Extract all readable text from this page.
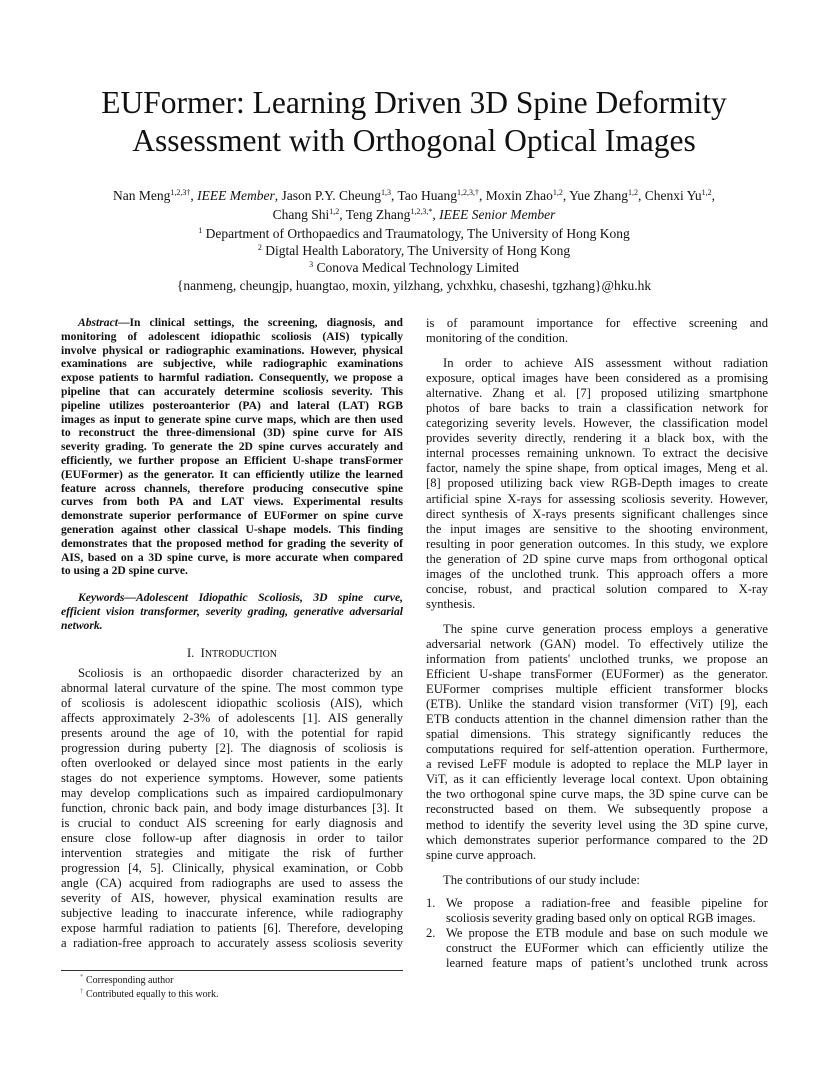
EUFormer: Learning Driven 3D Spine Deformity
Assessment with Orthogonal Optical Images
Nan Meng$^{1,2,3\dagger}$, IEEE Member, Jason P.Y. Cheung$^{1,3}$, Tao Huang$^{1,2,3,\dagger}$, Moxin Zhao$^{1,2}$, Yue Zhang$^{1,2}$, Chenxi Yu$^{1,2}$,
Chang Shi$^{1,2}$, Teng Zhang$^{1,2,3,*}$, IEEE Senior Member
$^1$ Department of Orthopaedics and Traumatology, The University of Hong Kong
$^2$ Digtal Health Laboratory, The University of Hong Kong
$^3$ Conova Medical Technology Limited
{nanmeng, cheungjp, huangtao, moxin, yilzhang, ychxhku, chaseshi, tgzhang}@hku.hk
Abstract—In clinical settings, the screening, diagnosis, and
monitoring of adolescent idiopathic scoliosis (AIS) typically
involve physical or radiographic examinations. However, physical
examinations are subjective, while radiographic examinations
expose patients to harmful radiation. Consequently, we propose a
pipeline that can accurately determine scoliosis severity. This
pipeline utilizes posteroanterior (PA) and lateral (LAT) RGB
images as input to generate spine curve maps, which are then used
to reconstruct the three-dimensional (3D) spine curve for AIS
severity grading. To generate the 2D spine curves accurately and
efficiently, we further propose an Efficient U-shape transFormer
(EUFormer) as the generator. It can efficiently utilize the learned
feature across channels, therefore producing consecutive spine
curves from both PA and LAT views. Experimental results
demonstrate superior performance of EUFormer on spine curve
generation against other classical U-shape models. This finding
demonstrates that the proposed method for grading the severity of
AIS, based on a 3D spine curve, is more accurate when compared
to using a 2D spine curve.
Keywords—Adolescent Idiopathic Scoliosis, 3D spine curve,
efficient vision transformer, severity grading, generative adversarial
network.
I. INTRODUCTION
Scoliosis is an orthopaedic disorder characterized by an
abnormal lateral curvature of the spine. The most common type
of scoliosis is adolescent idiopathic scoliosis (AIS), which
affects approximately 2-3% of adolescents [1]. AIS generally
presents around the age of 10, with the potential for rapid
progression during puberty [2]. The diagnosis of scoliosis is
often overlooked or delayed since most patients in the early
stages do not experience symptoms. However, some patients
may develop complications such as impaired cardiopulmonary
function, chronic back pain, and body image disturbances [3]. It
is crucial to conduct AIS screening for early diagnosis and
ensure close follow-up after diagnosis in order to tailor
intervention strategies and mitigate the risk of further
progression [4, 5]. Clinically, physical examination, or Cobb
angle (CA) acquired from radiographs are used to assess the
severity of AIS, however, physical examination results are
subjective leading to inaccurate inference, while radiography
expose harmful radiation to patients [6]. Therefore, developing
a radiation-free approach to accurately assess scoliosis severity
is of paramount importance for effective screening and
monitoring of the condition.
In order to achieve AIS assessment without radiation
exposure, optical images have been considered as a promising
alternative. Zhang et al. [7] proposed utilizing smartphone
photos of bare backs to train a classification network for
categorizing severity levels. However, the classification model
provides severity directly, rendering it a black box, with the
internal processes remaining unknown. To extract the decisive
factor, namely the spine shape, from optical images, Meng et al.
[8] proposed utilizing back view RGB-Depth images to create
artificial spine X-rays for assessing scoliosis severity. However,
direct synthesis of X-rays presents significant challenges since
the input images are sensitive to the shooting environment,
resulting in poor generation outcomes. In this study, we explore
the generation of 2D spine curve maps from orthogonal optical
images of the unclothed trunk. This approach offers a more
concise, robust, and practical solution compared to X-ray
synthesis.
The spine curve generation process employs a generative
adversarial network (GAN) model. To effectively utilize the
information from patients' unclothed trunks, we propose an
Efficient U-shape transFormer (EUFormer) as the generator.
EUFormer comprises multiple efficient transformer blocks
(ETB). Unlike the standard vision transformer (ViT) [9], each
ETB conducts attention in the channel dimension rather than the
spatial dimensions. This strategy significantly reduces the
computations required for self-attention operation. Furthermore,
a revised LeFF module is adopted to replace the MLP layer in
ViT, as it can efficiently leverage local context. Upon obtaining
the two orthogonal spine curve maps, the 3D spine curve can be
reconstructed based on them. We subsequently propose a
method to identify the severity level using the 3D spine curve,
which demonstrates superior performance compared to the 2D
spine curve approach.
The contributions of our study include:
1. We propose a radiation-free and feasible pipeline for
scoliosis severity grading based only on optical RGB images.
2. We propose the ETB module and base on such module we
construct the EUFormer which can efficiently utilize the
learned feature maps of patient’s unclothed trunk across
* Corresponding author
† Contributed equally to this work.
